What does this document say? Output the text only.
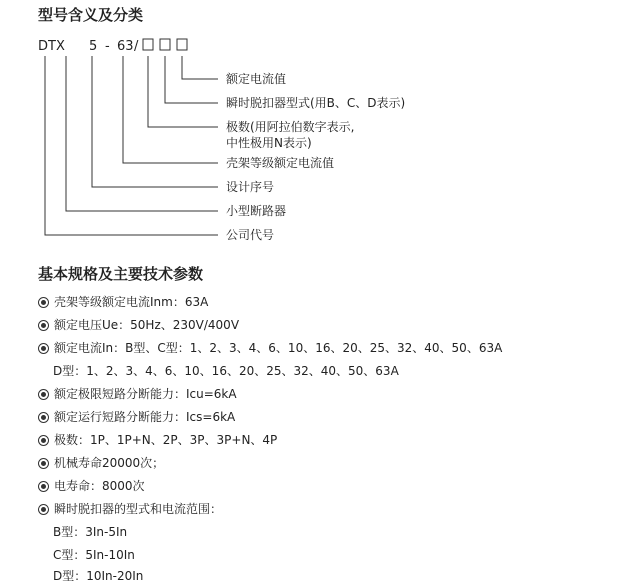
型号含义及分类
DTX 5 - 63 /
额定电流值
瞬时脱扣器型式(用B、C、D表示)
极数(用阿拉伯数字表示,
中性极用N表示)
壳架等级额定电流值
设计序号
小型断路器
公司代号
基本规格及主要技术参数
壳架等级额定电流Inm：63A
额定电压Ue：50Hz、230V/400V
额定电流In：B型、C型：1、2、3、4、6、10、16、20、25、32、40、50、63A
D型：1、2、3、4、6、10、16、20、25、32、40、50、63A
额定极限短路分断能力：Icu=6kA
额定运行短路分断能力：Ics=6kA
极数：1P、1P+N、2P、3P、3P+N、4P
机械寿命20000次；
电寿命：8000次
瞬时脱扣器的型式和电流范围：
B型：3In-5In
C型：5In-10In
D型：10In-20In
